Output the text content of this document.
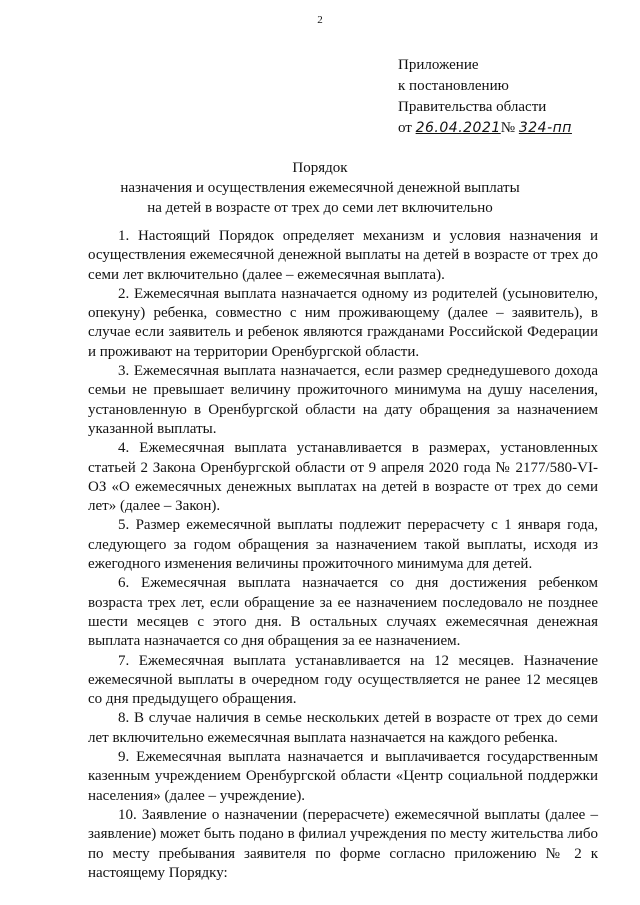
2
Приложение
к постановлению
Правительства области
от 26.04.2021№ 324-пп
Порядок
назначения и осуществления ежемесячной денежной выплаты
на детей в возрасте от трех до семи лет включительно

1. Настоящий Порядок определяет механизм и условия назначения и осуществления ежемесячной денежной выплаты на детей в возрасте от трех до семи лет включительно (далее – ежемесячная выплата).

2. Ежемесячная выплата назначается одному из родителей (усыновителю, опекуну) ребенка, совместно с ним проживающему (далее – заявитель), в случае если заявитель и ребенок являются гражданами Российской Федерации и проживают на территории Оренбургской области.

3. Ежемесячная выплата назначается, если размер среднедушевого дохода семьи не превышает величину прожиточного минимума на душу населения, установленную в Оренбургской области на дату обращения за назначением указанной выплаты.

4. Ежемесячная выплата устанавливается в размерах, установленных статьей 2 Закона Оренбургской области от 9 апреля 2020 года № 2177/580-VI-ОЗ «О ежемесячных денежных выплатах на детей в возрасте от трех до семи лет» (далее – Закон).

5. Размер ежемесячной выплаты подлежит перерасчету с 1 января года, следующего за годом обращения за назначением такой выплаты, исходя из ежегодного изменения величины прожиточного минимума для детей.

6. Ежемесячная выплата назначается со дня достижения ребенком возраста трех лет, если обращение за ее назначением последовало не позднее шести месяцев с этого дня. В остальных случаях ежемесячная денежная выплата назначается со дня обращения за ее назначением.

7. Ежемесячная выплата устанавливается на 12 месяцев. Назначение ежемесячной выплаты в очередном году осуществляется не ранее 12 месяцев со дня предыдущего обращения.

8. В случае наличия в семье нескольких детей в возрасте от трех до семи лет включительно ежемесячная выплата назначается на каждого ребенка.

9. Ежемесячная выплата назначается и выплачивается государственным казенным учреждением Оренбургской области «Центр социальной поддержки населения» (далее – учреждение).

10. Заявление о назначении (перерасчете) ежемесячной выплаты (далее – заявление) может быть подано в филиал учреждения по месту жительства либо по месту пребывания заявителя по форме согласно приложению № 2 к настоящему Порядку:
